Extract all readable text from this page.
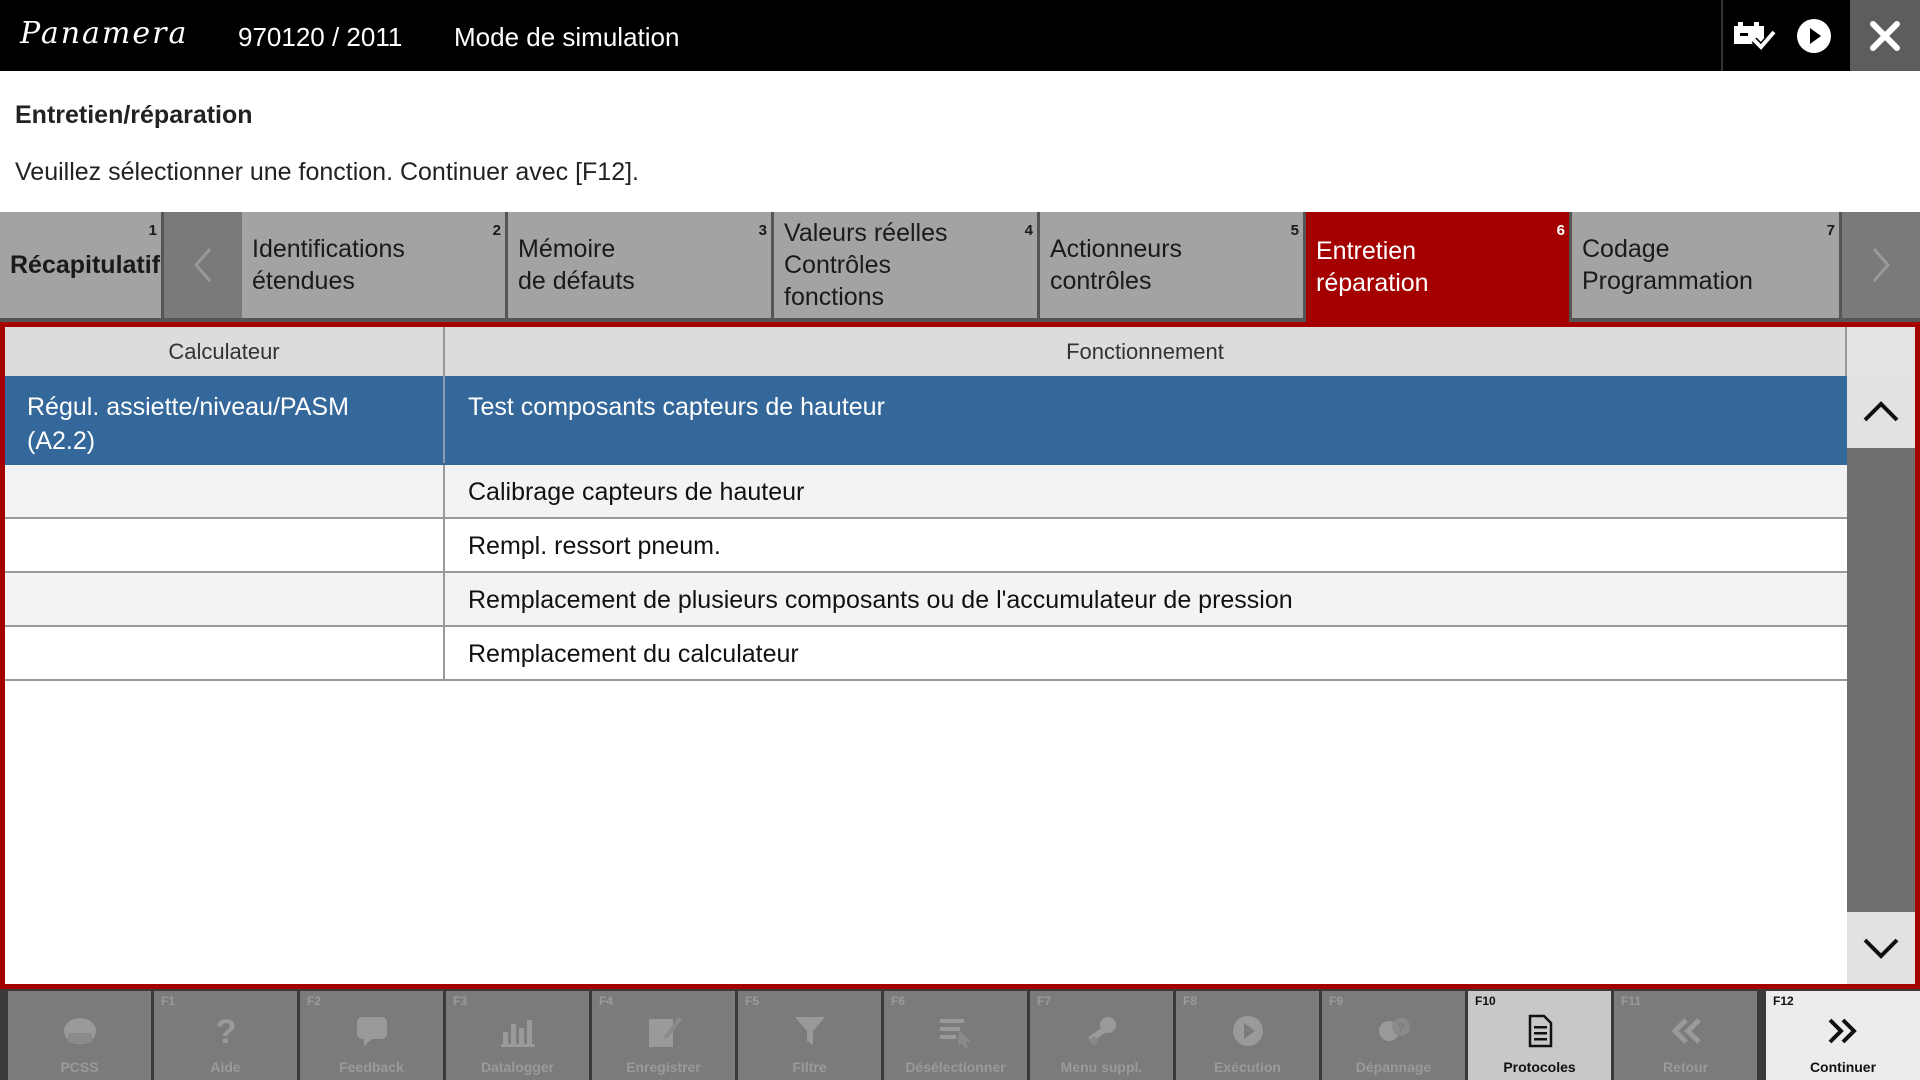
Panamera 970120 / 2011 Mode de simulation
Entretien/réparation
Veuillez sélectionner une fonction. Continuer avec [F12].
1
Récapitulatif
2
Identifications
étendues
3
Mémoire
de défauts
4
Valeurs réelles
Contrôles
fonctions
5
Actionneurs
contrôles
6
Entretien
réparation
7
Codage
Programmation
Calculateur	Fonctionnement
Régul. assiette/niveau/PASM
(A2.2)
Test composants capteurs de hauteur
Calibrage capteurs de hauteur
Rempl. ressort pneum.
Remplacement de plusieurs composants ou de l'accumulateur de pression
Remplacement du calculateur
PCSS
F1
?
Aide
F2
Feedback
F3
Datalogger
F4
Enregistrer
F5
Filtre
F6
Désélectionner
F7
Menu suppl.
F8
Exécution
F9
?
Dépannage
F10
Protocoles
F11
Retour
F12
Continuer
